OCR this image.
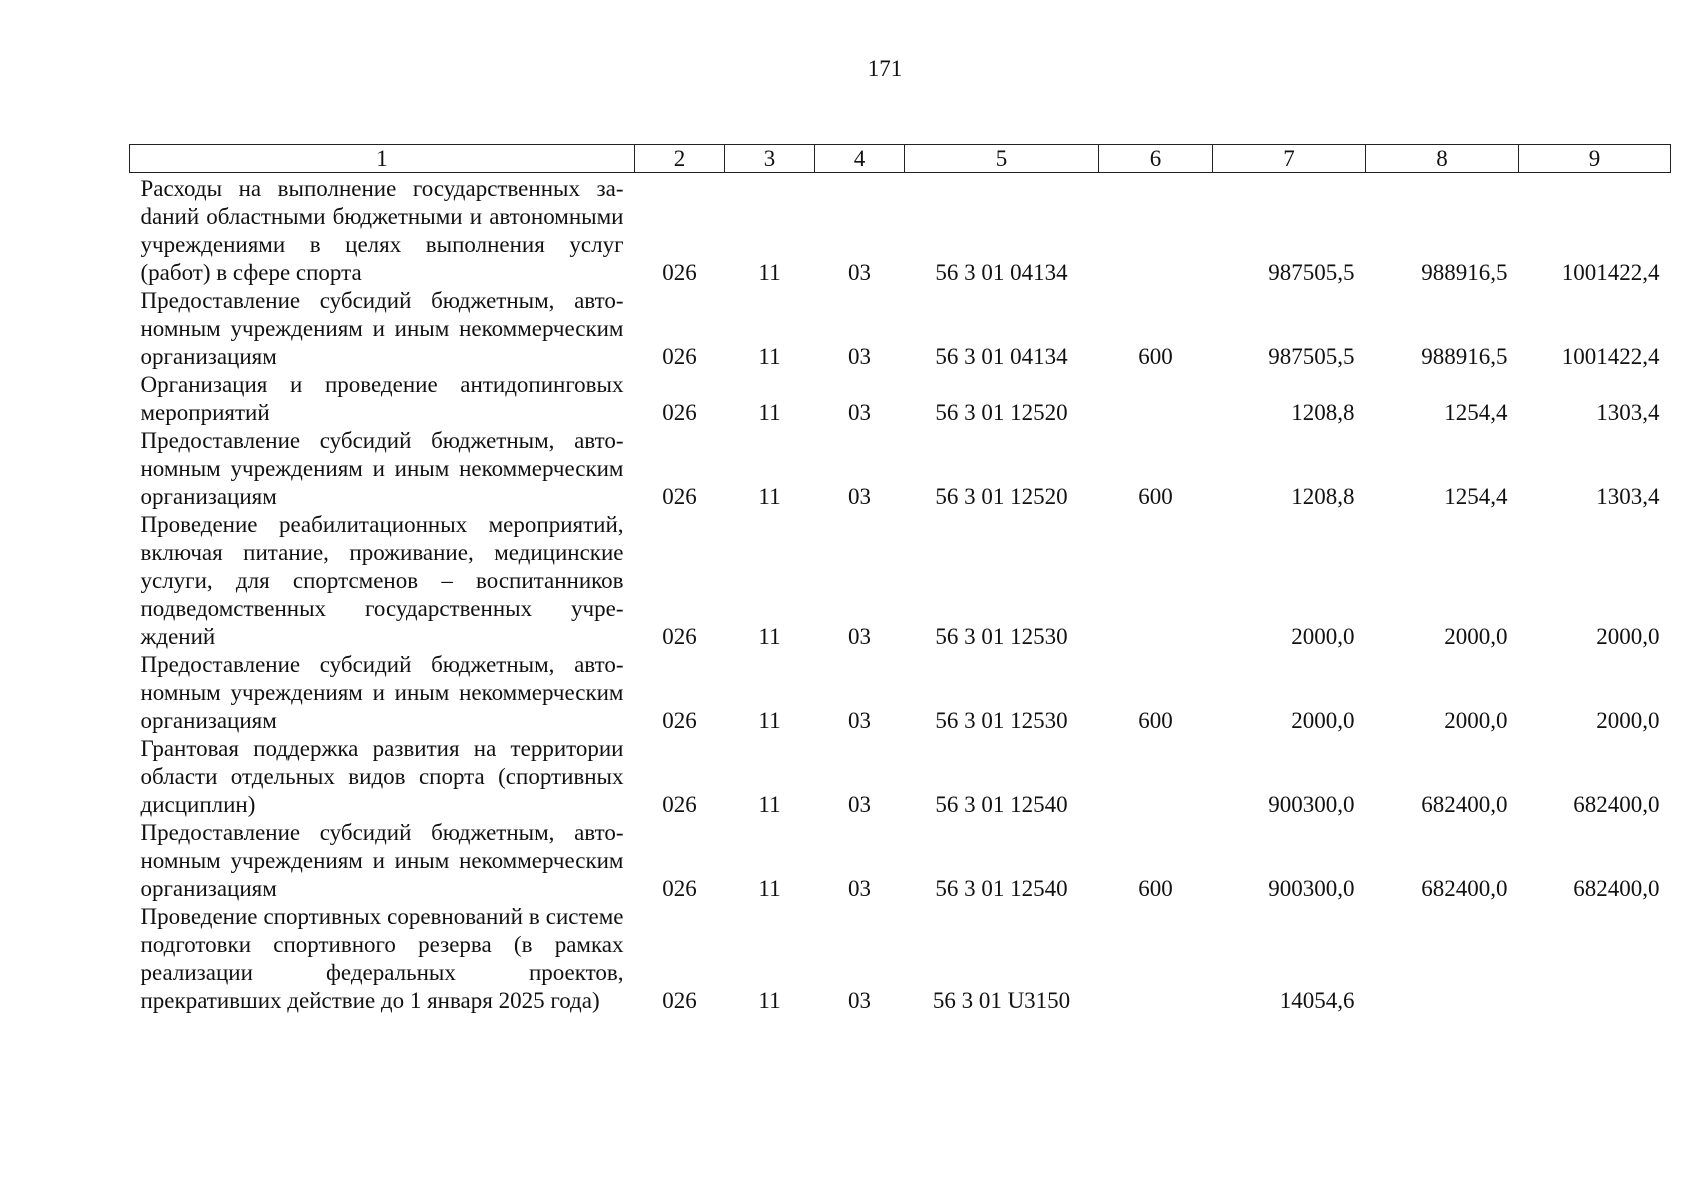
171
1	2	3	4	5	6	7	8	9
Расходы на выполнение государственных заdаний областными бюджетными и автономными учреждениями в целях выполнения услуг (работ) в сфере спорта	026	11	03	56 3 01 04134		987505,5	988916,5	1001422,4
Предоставление субсидий бюджетным, автономным учреждениям и иным некоммерческим организациям	026	11	03	56 3 01 04134	600	987505,5	988916,5	1001422,4
Организация и проведение антидопинговых мероприятий	026	11	03	56 3 01 12520		1208,8	1254,4	1303,4
Предоставление субсидий бюджетным, автономным учреждениям и иным некоммерческим организациям	026	11	03	56 3 01 12520	600	1208,8	1254,4	1303,4
Проведение реабилитационных мероприятий, включая питание, проживание, медицинские услуги, для спортсменов – воспитанников подведомственных государственных учреждений	026	11	03	56 3 01 12530		2000,0	2000,0	2000,0
Предоставление субсидий бюджетным, автономным учреждениям и иным некоммерческим организациям	026	11	03	56 3 01 12530	600	2000,0	2000,0	2000,0
Грантовая поддержка развития на территории области отдельных видов спорта (спортивных дисциплин)	026	11	03	56 3 01 12540		900300,0	682400,0	682400,0
Предоставление субсидий бюджетным, автономным учреждениям и иным некоммерческим организациям	026	11	03	56 3 01 12540	600	900300,0	682400,0	682400,0
Проведение спортивных соревнований в системе подготовки спортивного резерва (в рамках реализации федеральных проектов, прекративших действие до 1 января 2025 года)	026	11	03	56 3 01 U3150		14054,6		
